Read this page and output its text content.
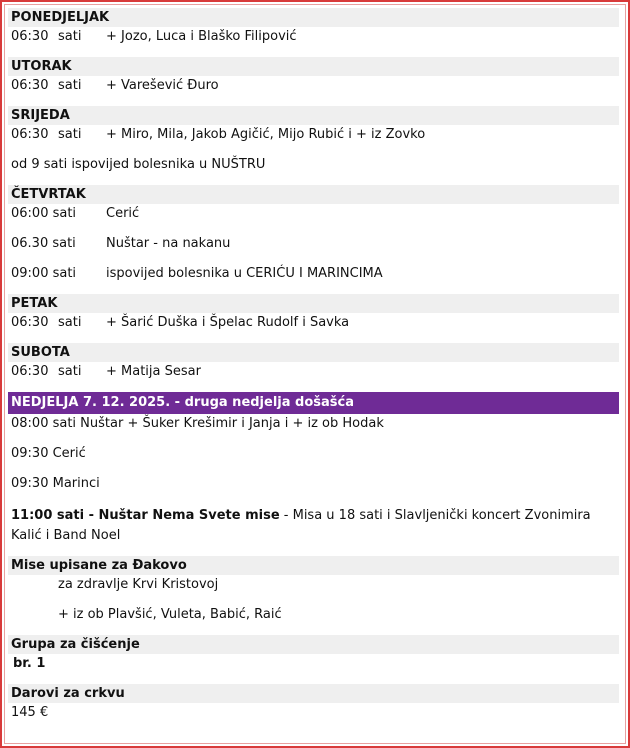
PONEDJELJAK
06:30 sati + Jozo, Luca i Blaško Filipović
UTORAK
06:30 sati + Varešević Đuro
SRIJEDA
06:30 sati + Miro, Mila, Jakob Agičić, Mijo Rubić i + iz Zovko
od 9 sati ispovijed bolesnika u NUŠTRU
ČETVRTAK
06:00 sati Cerić
06.30 sati Nuštar - na nakanu
09:00 sati ispovijed bolesnika u CERIĆU I MARINCIMA
PETAK
06:30 sati + Šarić Duška i Špelac Rudolf i Savka
SUBOTA
06:30 sati + Matija Sesar
NEDJELJA 7. 12. 2025. - druga nedjelja došašća
08:00 sati Nuštar + Šuker Krešimir i Janja i + iz ob Hodak
09:30 Cerić
09:30 Marinci
11:00 sati - Nuštar Nema Svete mise - Misa u 18 sati i Slavljenički koncert Zvonimira Kalić i Band Noel
Mise upisane za Đakovo
za zdravlje Krvi Kristovoj
+ iz ob Plavšić, Vuleta, Babić, Raić
Grupa za čišćenje
br. 1
Darovi za crkvu
145 €
